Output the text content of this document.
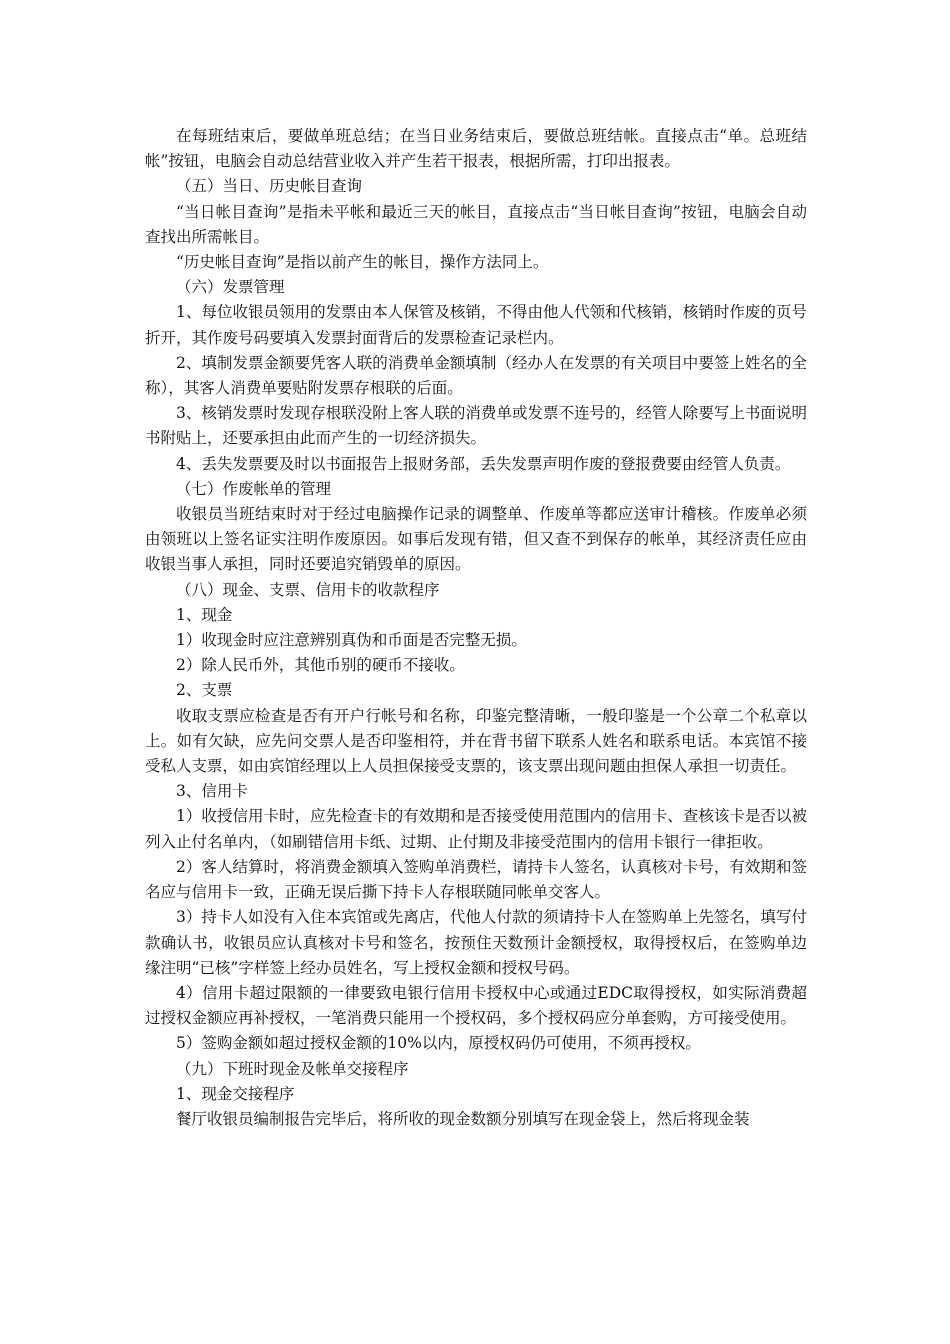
在每班结束后，要做单班总结；在当日业务结束后，要做总班结帐。直接点击“单。总班结帐”按钮，电脑会自动总结营业收入并产生若干报表，根据所需，打印出报表。

（五）当日、历史帐目查询

“当日帐目查询”是指未平帐和最近三天的帐目，直接点击“当日帐目查询”按钮，电脑会自动查找出所需帐目。

“历史帐目查询”是指以前产生的帐目，操作方法同上。

（六）发票管理

1、每位收银员领用的发票由本人保管及核销，不得由他人代领和代核销，核销时作废的页号折开，其作废号码要填入发票封面背后的发票检查记录栏内。

2、填制发票金额要凭客人联的消费单金额填制（经办人在发票的有关项目中要签上姓名的全称），其客人消费单要贴附发票存根联的后面。

3、核销发票时发现存根联没附上客人联的消费单或发票不连号的，经管人除要写上书面说明书附贴上，还要承担由此而产生的一切经济损失。

4、丢失发票要及时以书面报告上报财务部，丢失发票声明作废的登报费要由经管人负责。

（七）作废帐单的管理

收银员当班结束时对于经过电脑操作记录的调整单、作废单等都应送审计稽核。作废单必须由领班以上签名证实注明作废原因。如事后发现有错，但又查不到保存的帐单，其经济责任应由收银当事人承担，同时还要追究销毁单的原因。

（八）现金、支票、信用卡的收款程序

1、现金

1）收现金时应注意辨别真伪和币面是否完整无损。

2）除人民币外，其他币别的硬币不接收。

2、支票

收取支票应检查是否有开户行帐号和名称，印鉴完整清晰，一般印鉴是一个公章二个私章以上。如有欠缺，应先问交票人是否印鉴相符，并在背书留下联系人姓名和联系电话。本宾馆不接受私人支票，如由宾馆经理以上人员担保接受支票的，该支票出现问题由担保人承担一切责任。

3、信用卡

1）收授信用卡时，应先检查卡的有效期和是否接受使用范围内的信用卡、查核该卡是否以被列入止付名单内，（如刷错信用卡纸、过期、止付期及非接受范围内的信用卡银行一律拒收。

2）客人结算时，将消费金额填入签购单消费栏，请持卡人签名，认真核对卡号，有效期和签名应与信用卡一致，正确无误后撕下持卡人存根联随同帐单交客人。

3）持卡人如没有入住本宾馆或先离店，代他人付款的须请持卡人在签购单上先签名，填写付款确认书，收银员应认真核对卡号和签名，按预住天数预计金额授权，取得授权后，在签购单边缘注明“已核”字样签上经办员姓名，写上授权金额和授权号码。

4）信用卡超过限额的一律要致电银行信用卡授权中心或通过EDC取得授权，如实际消费超过授权金额应再补授权，一笔消费只能用一个授权码，多个授权码应分单套购，方可接受使用。

5）签购金额如超过授权金额的10%以内，原授权码仍可使用，不须再授权。

（九）下班时现金及帐单交接程序

1、现金交接程序

餐厅收银员编制报告完毕后，将所收的现金数额分别填写在现金袋上，然后将现金装
